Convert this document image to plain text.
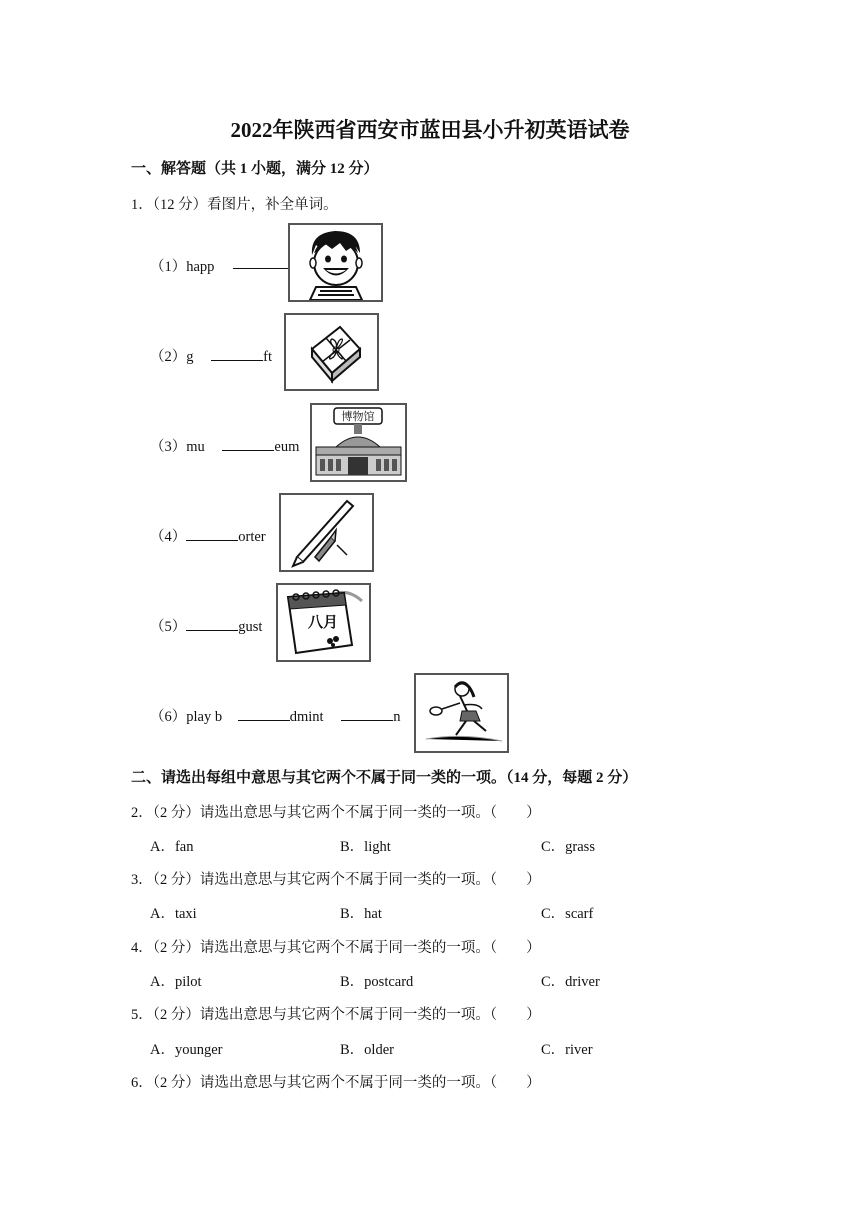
2022年陕西省西安市蓝田县小升初英语试卷
一、解答题（共 1 小题，满分 12 分）
1．（12 分）看图片，补全单词。
（1）happ
（2）g	ft
（3）mu	eum
博物馆
（4）	orter
（5）	gust	八月
（6）play b	dmint	n
二、请选出每组中意思与其它两个不属于同一类的一项。（14 分，每题 2 分）
2．（2 分）请选出意思与其它两个不属于同一类的一项。（　　）
A．fan	B．light	C．grass
3．（2 分）请选出意思与其它两个不属于同一类的一项。（　　）
A．taxi	B．hat	C．scarf
4．（2 分）请选出意思与其它两个不属于同一类的一项。（　　）
A．pilot	B．postcard	C．driver
5．（2 分）请选出意思与其它两个不属于同一类的一项。（　　）
A．younger	B．older	C．river
6．（2 分）请选出意思与其它两个不属于同一类的一项。（　　）
